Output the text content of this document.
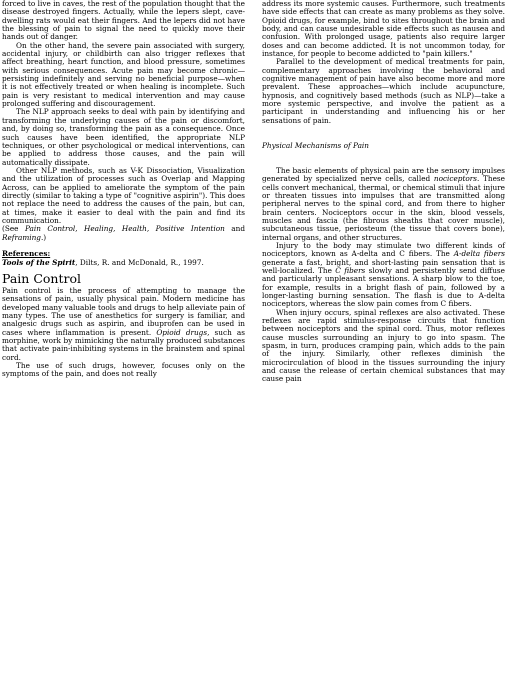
forced to live in caves, the rest of the population thought that the disease destroyed fingers. Actually, while the lepers slept, cave-dwelling rats would eat their fingers. And the lepers did not have the blessing of pain to signal the need to quickly move their hands out of danger.

On the other hand, the severe pain associated with surgery, accidental injury, or childbirth can also trigger reflexes that affect breathing, heart function, and blood pressure, sometimes with serious consequences. Acute pain may become chronic—persisting indefinitely and serving no beneficial purpose—when it is not effectively treated or when healing is incomplete. Such pain is very resistant to medical intervention and may cause prolonged suffering and discouragement.

The NLP approach seeks to deal with pain by identifying and transforming the underlying causes of the pain or discomfort, and, by doing so, transforming the pain as a consequence. Once such causes have been identified, the appropriate NLP techniques, or other psychological or medical interventions, can be applied to address those causes, and the pain will automatically dissipate.

Other NLP methods, such as V-K Dissociation, Visualization and the utilization of processes such as Overlap and Mapping Across, can be applied to ameliorate the symptom of the pain directly (similar to taking a type of "cognitive aspirin"). This does not replace the need to address the causes of the pain, but can, at times, make it easier to deal with the pain and find its communication.

(See Pain Control, Healing, Health, Positive Intention and Reframing.)

References:

Tools of the Spirit, Dilts, R. and McDonald, R., 1997.

Pain Control

Pain control is the process of attempting to manage the sensations of pain, usually physical pain. Modern medicine has developed many valuable tools and drugs to help alleviate pain of many types. The use of anesthetics for surgery is familiar, and analgesic drugs such as aspirin, and ibuprofen can be used in cases where inflammation is present. Opioid drugs, such as morphine, work by mimicking the naturally produced substances that activate pain-inhibiting systems in the brainstem and spinal cord.

The use of such drugs, however, focuses only on the symptoms of the pain, and does not really

address its more systemic causes. Furthermore, such treatments have side effects that can create as many problems as they solve. Opioid drugs, for example, bind to sites throughout the brain and body, and can cause undesirable side effects such as nausea and confusion. With prolonged usage, patients also require larger doses and can become addicted. It is not uncommon today, for instance, for people to become addicted to "pain killers."

Parallel to the development of medical treatments for pain, complementary approaches involving the behavioral and cognitive management of pain have also become more and more prevalent. These approaches—which include acupuncture, hypnosis, and cognitively based methods (such as NLP)—take a more systemic perspective, and involve the patient as a participant in understanding and influencing his or her sensations of pain.

Physical Mechanisms of Pain

The basic elements of physical pain are the sensory impulses generated by specialized nerve cells, called nociceptors. These cells convert mechanical, thermal, or chemical stimuli that injure or threaten tissues into impulses that are transmitted along peripheral nerves to the spinal cord, and from there to higher brain centers. Nociceptors occur in the skin, blood vessels, muscles and fascia (the fibrous sheaths that cover muscle), subcutaneous tissue, periosteum (the tissue that covers bone), internal organs, and other structures.

Injury to the body may stimulate two different kinds of nociceptors, known as A-delta and C fibers. The A-delta fibers generate a fast, bright, and short-lasting pain sensation that is well-localized. The C fibers slowly and persistently send diffuse and particularly unpleasant sensations. A sharp blow to the toe, for example, results in a bright flash of pain, followed by a longer-lasting burning sensation. The flash is due to A-delta nociceptors, whereas the slow pain comes from C fibers.

When injury occurs, spinal reflexes are also activated. These reflexes are rapid stimulus-response circuits that function between nociceptors and the spinal cord. Thus, motor reflexes cause muscles surrounding an injury to go into spasm. The spasm, in turn, produces cramping pain, which adds to the pain of the injury. Similarly, other reflexes diminish the microcirculation of blood in the tissues surrounding the injury and cause the release of certain chemical substances that may cause pain
